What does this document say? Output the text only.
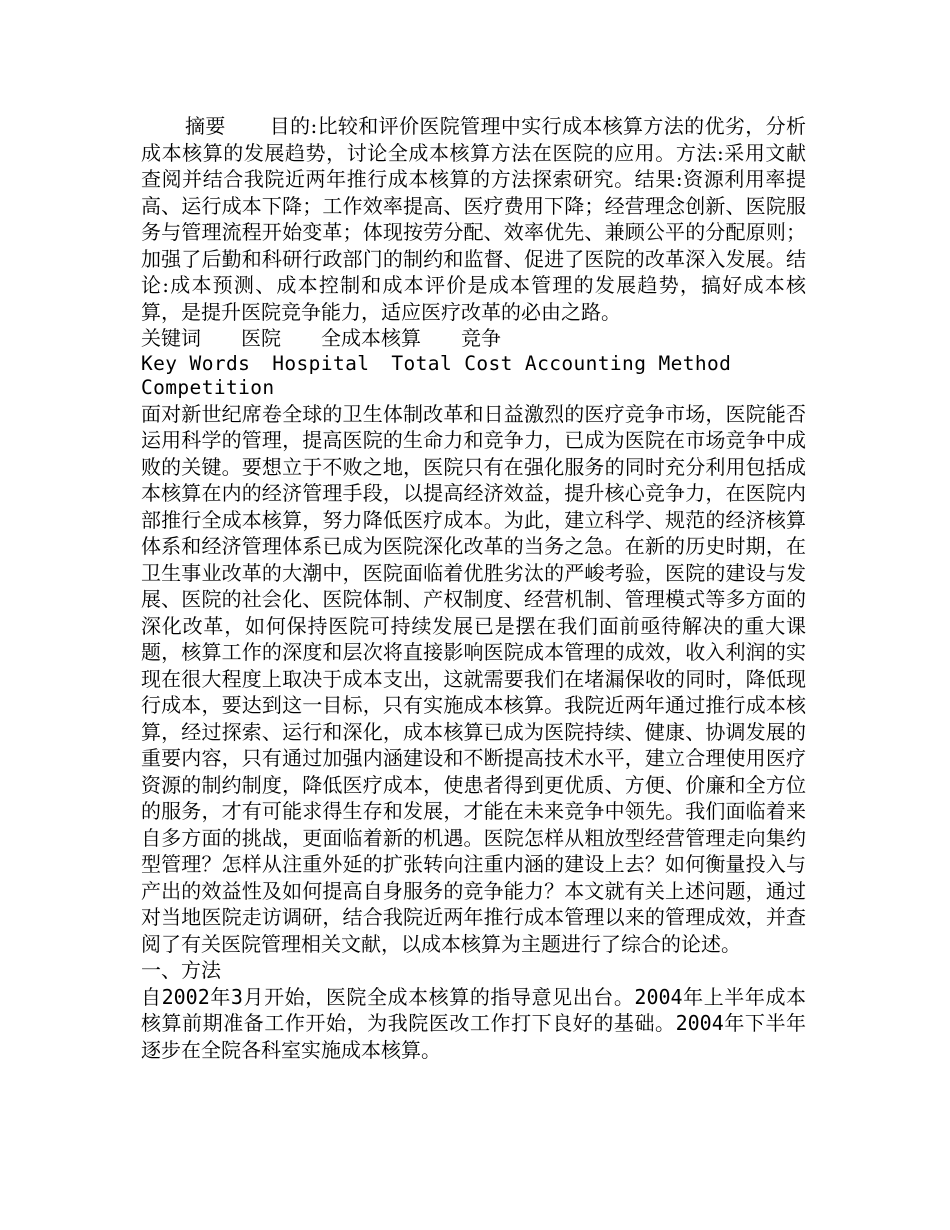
摘要 目的:比较和评价医院管理中实行成本核算方法的优劣，分析成本核算的发展趋势，讨论全成本核算方法在医院的应用。方法:采用文献查阅并结合我院近两年推行成本核算的方法探索研究。结果:资源利用率提高、运行成本下降；工作效率提高、医疗费用下降；经营理念创新、医院服务与管理流程开始变革；体现按劳分配、效率优先、兼顾公平的分配原则；加强了后勤和科研行政部门的制约和监督、促进了医院的改革深入发展。结论:成本预测、成本控制和成本评价是成本管理的发展趋势，搞好成本核算，是提升医院竞争能力，适应医疗改革的必由之路。

关键词 医院 全成本核算 竞争

Key Words Hospital Total Cost Accounting Method
Competition

面对新世纪席卷全球的卫生体制改革和日益激烈的医疗竞争市场，医院能否运用科学的管理，提高医院的生命力和竞争力，已成为医院在市场竞争中成败的关键。要想立于不败之地，医院只有在强化服务的同时充分利用包括成本核算在内的经济管理手段，以提高经济效益，提升核心竞争力，在医院内部推行全成本核算，努力降低医疗成本。为此，建立科学、规范的经济核算体系和经济管理体系已成为医院深化改革的当务之急。在新的历史时期，在卫生事业改革的大潮中，医院面临着优胜劣汰的严峻考验，医院的建设与发展、医院的社会化、医院体制、产权制度、经营机制、管理模式等多方面的深化改革，如何保持医院可持续发展已是摆在我们面前亟待解决的重大课题，核算工作的深度和层次将直接影响医院成本管理的成效，收入利润的实现在很大程度上取决于成本支出，这就需要我们在堵漏保收的同时，降低现行成本，要达到这一目标，只有实施成本核算。我院近两年通过推行成本核算，经过探索、运行和深化，成本核算已成为医院持续、健康、协调发展的重要内容，只有通过加强内涵建设和不断提高技术水平，建立合理使用医疗资源的制约制度，降低医疗成本，使患者得到更优质、方便、价廉和全方位的服务，才有可能求得生存和发展，才能在未来竞争中领先。我们面临着来自多方面的挑战，更面临着新的机遇。医院怎样从粗放型经营管理走向集约型管理？怎样从注重外延的扩张转向注重内涵的建设上去？如何衡量投入与产出的效益性及如何提高自身服务的竞争能力？本文就有关上述问题，通过对当地医院走访调研，结合我院近两年推行成本管理以来的管理成效，并查阅了有关医院管理相关文献，以成本核算为主题进行了综合的论述。

一、方法

自2002年3月开始，医院全成本核算的指导意见出台。2004年上半年成本核算前期准备工作开始，为我院医改工作打下良好的基础。2004年下半年逐步在全院各科室实施成本核算。
